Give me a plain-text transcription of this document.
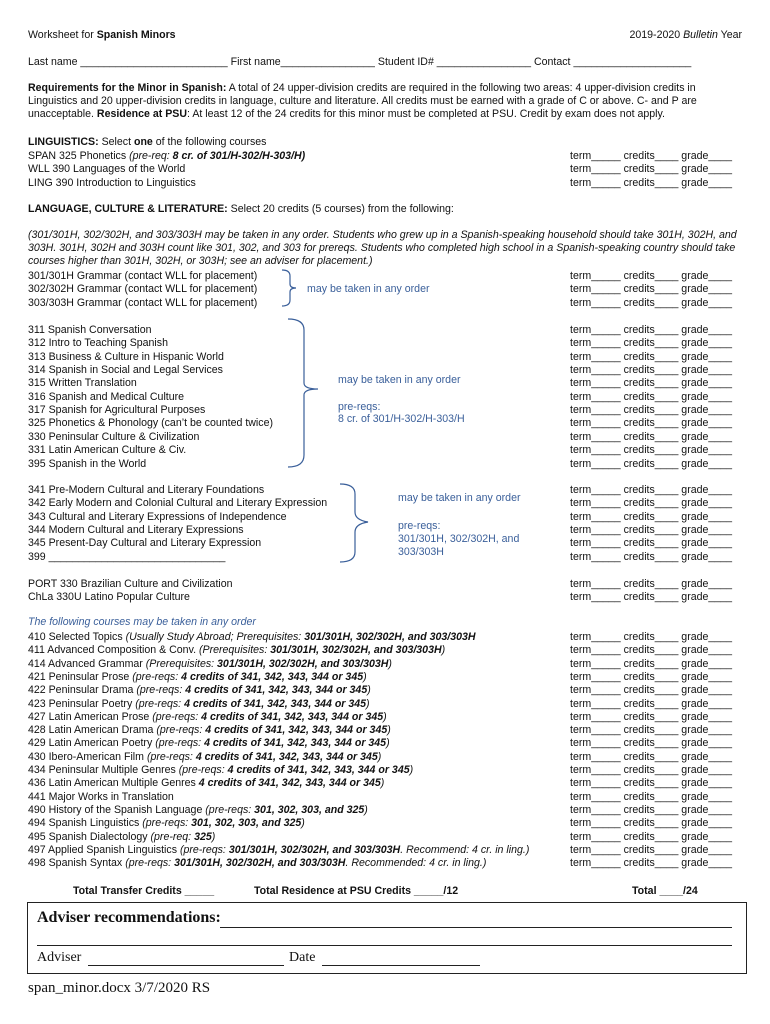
Worksheet for Spanish Minors	2019-2020 Bulletin Year
Last name _________________________ First name________________ Student ID# ________________ Contact ____________________
Requirements for the Minor in Spanish: A total of 24 upper-division credits are required in the following two areas: 4 upper-division credits in Linguistics and 20 upper-division credits in language, culture and literature. All credits must be earned with a grade of C or above. C- and P are unacceptable. Residence at PSU: At least 12 of the 24 credits for this minor must be completed at PSU. Credit by exam does not apply.
LINGUISTICS: Select one of the following courses
SPAN 325 Phonetics (pre-req: 8 cr. of 301/H-302/H-303/H)	term_____ credits____ grade____
WLL 390 Languages of the World	term_____ credits____ grade____
LING 390 Introduction to Linguistics	term_____ credits____ grade____
LANGUAGE, CULTURE & LITERATURE: Select 20 credits (5 courses) from the following:
(301/301H, 302/302H, and 303/303H may be taken in any order. Students who grew up in a Spanish-speaking household should take 301H, 302H, and 303H. 301H, 302H and 303H count like 301, 302, and 303 for prereqs. Students who completed high school in a Spanish-speaking country should take courses higher than 301H, 302H, or 303H; see an adviser for placement.)
301/301H Grammar (contact WLL for placement)	term_____ credits____ grade____
302/302H Grammar (contact WLL for placement)	term_____ credits____ grade____
303/303H Grammar (contact WLL for placement)	term_____ credits____ grade____
311 Spanish Conversation	term_____ credits____ grade____
312 Intro to Teaching Spanish	term_____ credits____ grade____
313 Business & Culture in Hispanic World	term_____ credits____ grade____
314 Spanish in Social and Legal Services	term_____ credits____ grade____
315 Written Translation	term_____ credits____ grade____
316 Spanish and Medical Culture	term_____ credits____ grade____
317 Spanish for Agricultural Purposes	term_____ credits____ grade____
325 Phonetics & Phonology (can’t be counted twice)	term_____ credits____ grade____
330 Peninsular Culture & Civilization	term_____ credits____ grade____
331 Latin American Culture & Civ.	term_____ credits____ grade____
395 Spanish in the World	term_____ credits____ grade____
341 Pre-Modern Cultural and Literary Foundations	term_____ credits____ grade____
342 Early Modern and Colonial Cultural and Literary Expression	term_____ credits____ grade____
343 Cultural and Literary Expressions of Independence	term_____ credits____ grade____
344 Modern Cultural and Literary Expressions	term_____ credits____ grade____
345 Present-Day Cultural and Literary Expression	term_____ credits____ grade____
399 ______________________________	term_____ credits____ grade____
PORT 330 Brazilian Culture and Civilization	term_____ credits____ grade____
ChLa 330U Latino Popular Culture	term_____ credits____ grade____
The following courses may be taken in any order
410 Selected Topics (Usually Study Abroad; Prerequisites: 301/301H, 302/302H, and 303/303H	term_____ credits____ grade____
411 Advanced Composition & Conv. (Prerequisites: 301/301H, 302/302H, and 303/303H)	term_____ credits____ grade____
414 Advanced Grammar (Prerequisites: 301/301H, 302/302H, and 303/303H)	term_____ credits____ grade____
421 Peninsular Prose (pre-reqs: 4 credits of 341, 342, 343, 344 or 345)	term_____ credits____ grade____
422 Peninsular Drama (pre-reqs: 4 credits of 341, 342, 343, 344 or 345)	term_____ credits____ grade____
423 Peninsular Poetry (pre-reqs: 4 credits of 341, 342, 343, 344 or 345)	term_____ credits____ grade____
427 Latin American Prose (pre-reqs: 4 credits of 341, 342, 343, 344 or 345)	term_____ credits____ grade____
428 Latin American Drama (pre-reqs: 4 credits of 341, 342, 343, 344 or 345)	term_____ credits____ grade____
429 Latin American Poetry (pre-reqs: 4 credits of 341, 342, 343, 344 or 345)	term_____ credits____ grade____
430 Ibero-American Film (pre-reqs: 4 credits of 341, 342, 343, 344 or 345)	term_____ credits____ grade____
434 Peninsular Multiple Genres (pre-reqs: 4 credits of 341, 342, 343, 344 or 345)	term_____ credits____ grade____
436 Latin American Multiple Genres 4 credits of 341, 342, 343, 344 or 345)	term_____ credits____ grade____
441 Major Works in Translation	term_____ credits____ grade____
490 History of the Spanish Language (pre-reqs: 301, 302, 303, and 325)	term_____ credits____ grade____
494 Spanish Linguistics (pre-reqs: 301, 302, 303, and 325)	term_____ credits____ grade____
495 Spanish Dialectology (pre-req: 325)	term_____ credits____ grade____
497 Applied Spanish Linguistics (pre-reqs: 301/301H, 302/302H, and 303/303H. Recommend: 4 cr. in ling.)	term_____ credits____ grade____
498 Spanish Syntax (pre-reqs: 301/301H, 302/302H, and 303/303H. Recommended: 4 cr. in ling.)	term_____ credits____ grade____
may be taken in any order
may be taken in any order
pre-reqs:
8 cr. of 301/H-302/H-303/H
may be taken in any order
pre-reqs:
301/301H, 302/302H, and
303/303H
Total Transfer Credits _____	Total Residence at PSU Credits _____/12	Total ____/24
Adviser recommendations:
Adviser	Date
span_minor.docx 3/7/2020 RS
